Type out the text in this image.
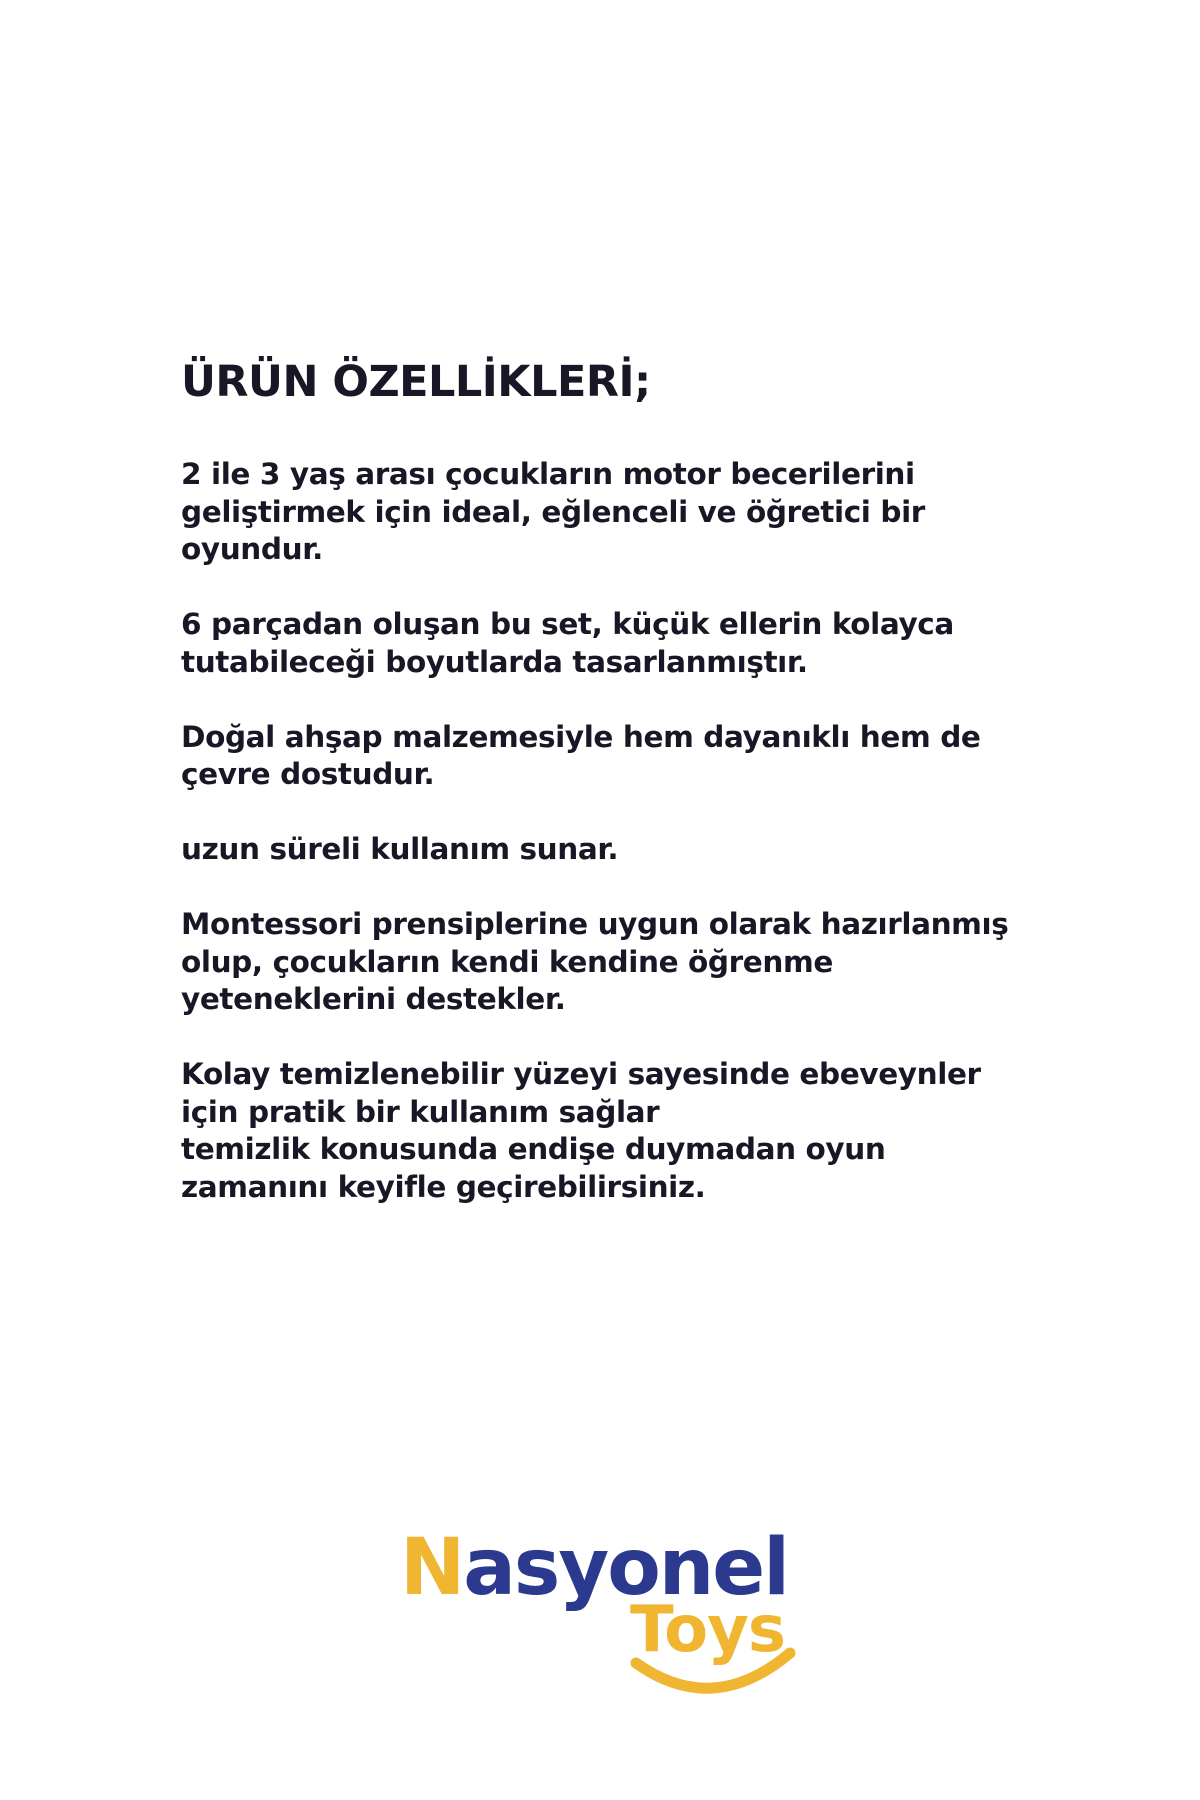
ÜRÜN ÖZELLİKLERİ;

2 ile 3 yaş arası çocukların motor becerilerini
geliştirmek için ideal, eğlenceli ve öğretici bir
oyundur.

6 parçadan oluşan bu set, küçük ellerin kolayca
tutabileceği boyutlarda tasarlanmıştır.

Doğal ahşap malzemesiyle hem dayanıklı hem de
çevre dostudur.

uzun süreli kullanım sunar.

Montessori prensiplerine uygun olarak hazırlanmış
olup, çocukların kendi kendine öğrenme
yeteneklerini destekler.

Kolay temizlenebilir yüzeyi sayesinde ebeveynler
için pratik bir kullanım sağlar
temizlik konusunda endişe duymadan oyun
zamanını keyifle geçirebilirsiniz.

Nasyonel
Toys
